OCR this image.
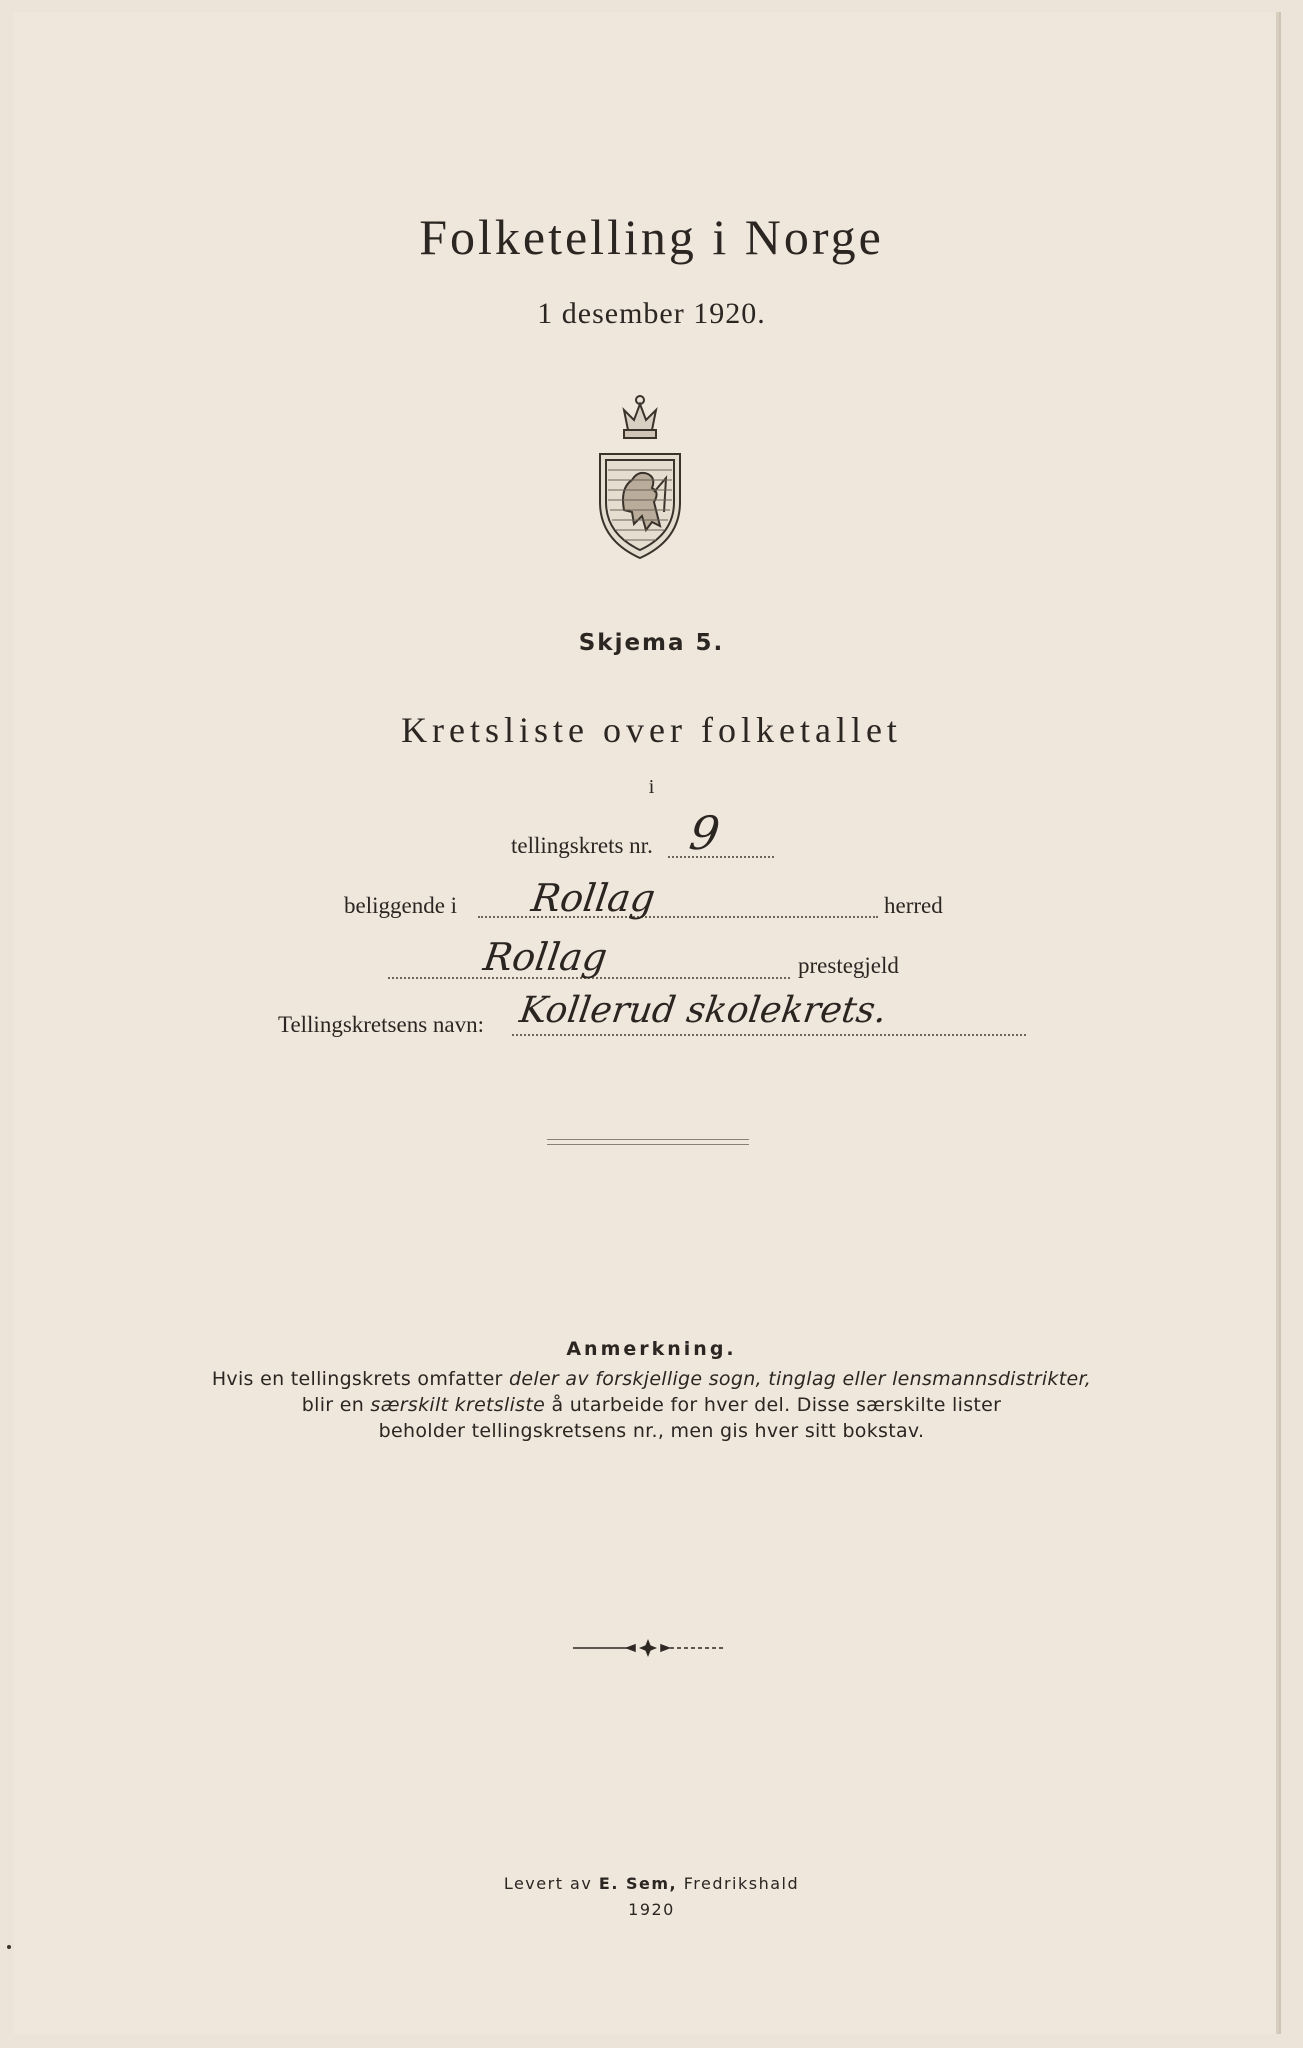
Folketelling i Norge
1 desember 1920.
Skjema 5.
Kretsliste over folketallet
i
tellingskrets nr. 9
beliggende i Rollag	herred
Rollag	prestegjeld
Tellingskretsens navn: Kollerud skolekrets.
Anmerkning.
Hvis en tellingskrets omfatter deler av forskjellige sogn, tinglag eller lensmannsdistrikter,
blir en særskilt kretsliste å utarbeide for hver del. Disse særskilte lister
beholder tellingskretsens nr., men gis hver sitt bokstav.
Levert av E. Sem, Fredrikshald
1920
